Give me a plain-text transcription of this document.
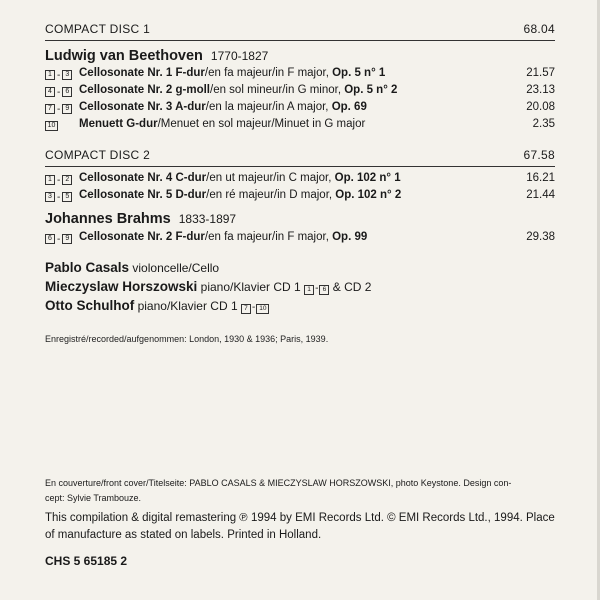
COMPACT DISC 1	68.04
Ludwig van Beethoven 1770-1827
1 - 3 Cellosonate Nr. 1 F-dur/en fa majeur/in F major, Op. 5 n° 1	21.57
4 - 6 Cellosonate Nr. 2 g-moll/en sol mineur/in G minor, Op. 5 n° 2	23.13
7 - 9 Cellosonate Nr. 3 A-dur/en la majeur/in A major, Op. 69	20.08
10 Menuett G-dur/Menuet en sol majeur/Minuet in G major	2.35
COMPACT DISC 2	67.58
1 - 2 Cellosonate Nr. 4 C-dur/en ut majeur/in C major, Op. 102 n° 1	16.21
3 - 5 Cellosonate Nr. 5 D-dur/en ré majeur/in D major, Op. 102 n° 2	21.44
Johannes Brahms 1833-1897
6 - 9 Cellosonate Nr. 2 F-dur/en fa majeur/in F major, Op. 99	29.38
Pablo Casals violoncelle/Cello
Mieczyslaw Horszowski piano/Klavier CD 1 1 - 6 & CD 2
Otto Schulhof piano/Klavier CD 1 7 - 10
Enregistré/recorded/aufgenommen: London, 1930 & 1936; Paris, 1939.
En couverture/front cover/Titelseite: PABLO CASALS & MIECZYSLAW HORSZOWSKI, photo Keystone. Design con-
cept: Sylvie Trambouze.
This compilation & digital remastering ℗ 1994 by EMI Records Ltd. © EMI Records Ltd., 1994. Place
of manufacture as stated on labels. Printed in Holland.
CHS 5 65185 2
